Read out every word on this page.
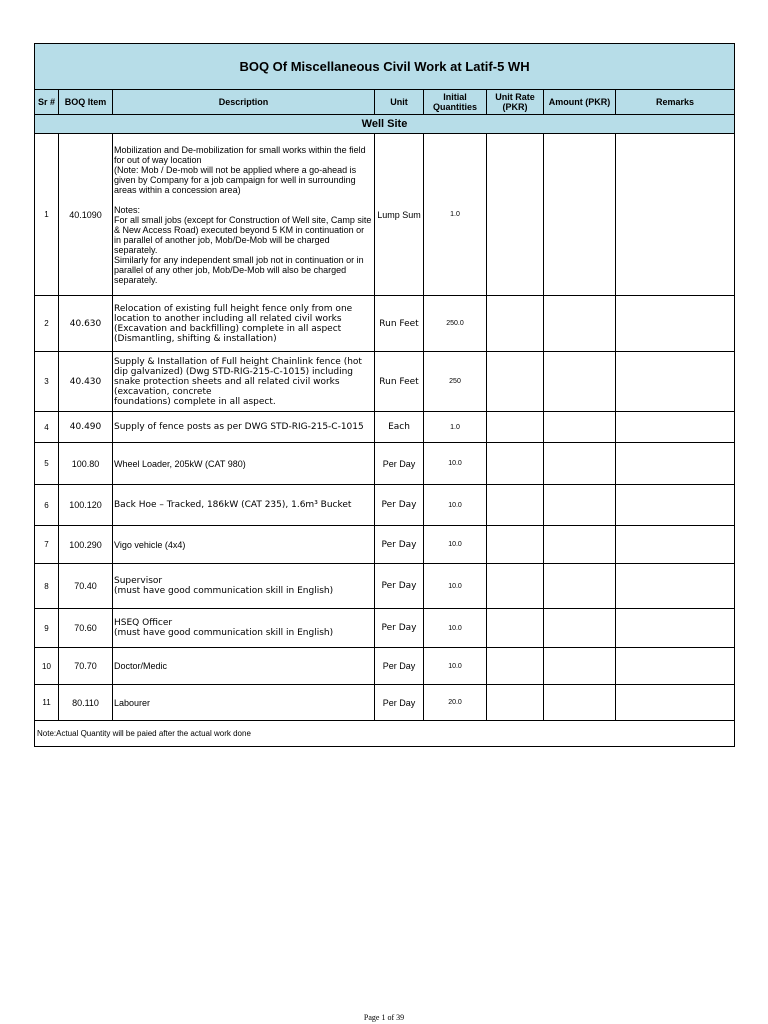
BOQ Of Miscellaneous Civil Work at Latif-5 WH							
Sr #	BOQ Item	Description	Unit	Initial Quantities	Unit Rate (PKR)	Amount (PKR)	Remarks
Well Site							
1	40.1090	Mobilization and De-mobilization for small works within the field for out of way location
(Note: Mob / De-mob will not be applied where a go-ahead is given by Company for a job campaign for well in surrounding areas within a concession area)

Notes:
For all small jobs (except for Construction of Well site, Camp site & New Access Road) executed beyond 5 KM in continuation or in parallel of another job, Mob/De-Mob will be charged separately.
Similarly for any independent small job not in continuation or in parallel of any other job, Mob/De-Mob will also be charged separately.	Lump Sum	1.0			
2	40.630	Relocation of existing full height fence only from one location to another including all related civil works (Excavation and backfilling) complete in all aspect (Dismantling, shifting & installation)	Run Feet	250.0			
3	40.430	Supply & Installation of Full height Chainlink fence (hot dip galvanized) (Dwg STD-RIG-215-C-1015) including snake protection sheets and all related civil works (excavation, concrete
foundations) complete in all aspect.	Run Feet	250			
4	40.490	Supply of fence posts as per DWG STD-RIG-215-C-1015	Each	1.0			
5	100.80	Wheel Loader, 205kW (CAT 980)	Per Day	10.0			
6	100.120	Back Hoe – Tracked, 186kW (CAT 235), 1.6m³ Bucket	Per Day	10.0			
7	100.290	Vigo vehicle (4x4)	Per Day	10.0			
8	70.40	Supervisor
(must have good communication skill in English)	Per Day	10.0			
9	70.60	HSEQ Officer
(must have good communication skill in English)	Per Day	10.0			
10	70.70	Doctor/Medic	Per Day	10.0			
11	80.110	Labourer	Per Day	20.0			
Note:Actual Quantity will be paied after the actual work done							
Page 1 of 39
